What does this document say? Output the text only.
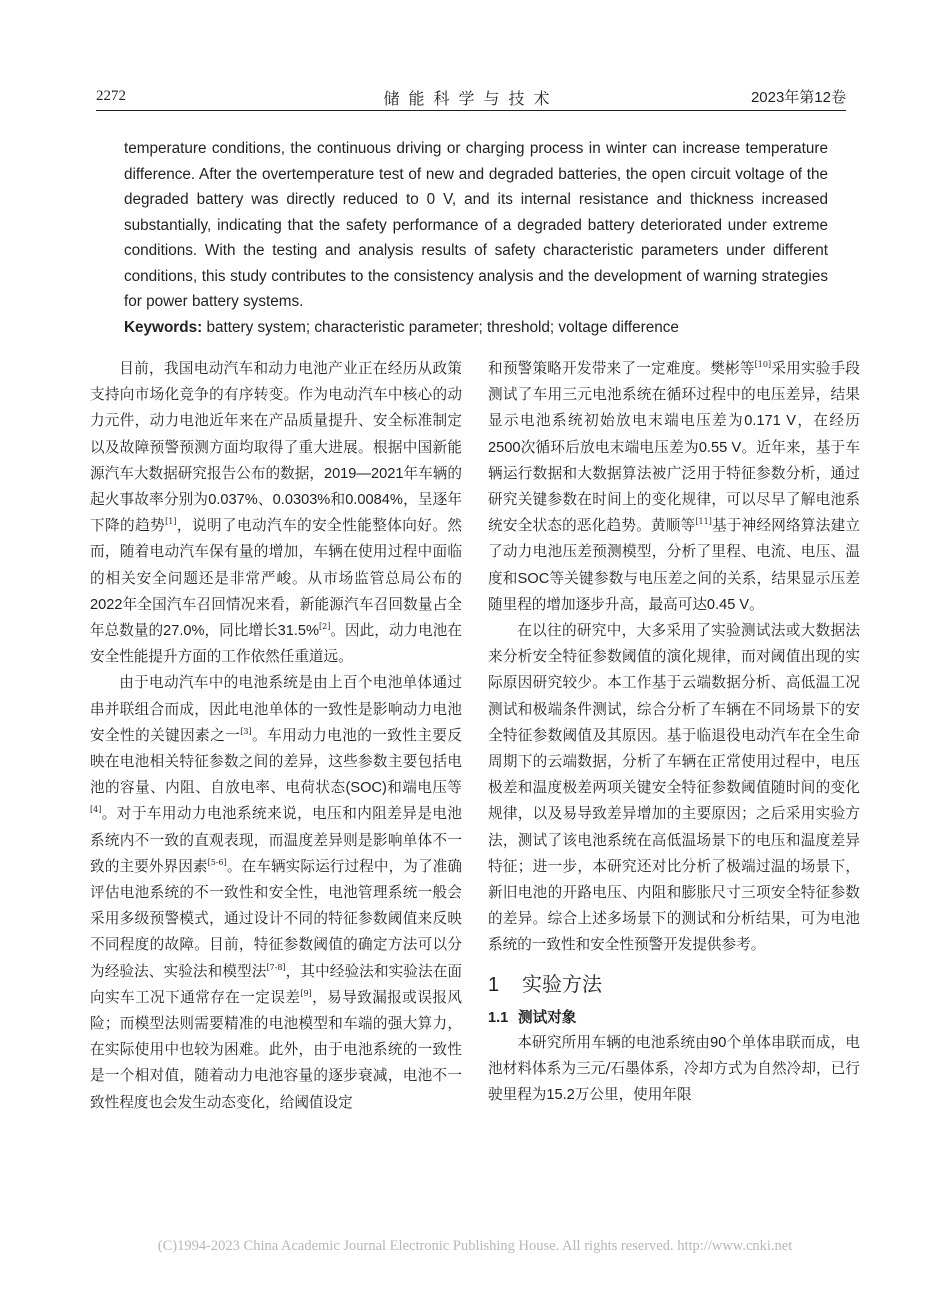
2272	储能科学与技术	2023年第12卷

temperature conditions, the continuous driving or charging process in winter can increase temperature difference. After the overtemperature test of new and degraded batteries, the open circuit voltage of the degraded battery was directly reduced to 0 V, and its internal resistance and thickness increased substantially, indicating that the safety performance of a degraded battery deteriorated under extreme conditions. With the testing and analysis results of safety characteristic parameters under different conditions, this study contributes to the consistency analysis and the development of warning strategies for power battery systems.

Keywords: battery system; characteristic parameter; threshold; voltage difference

目前，我国电动汽车和动力电池产业正在经历从政策支持向市场化竞争的有序转变。作为电动汽车中核心的动力元件，动力电池近年来在产品质量提升、安全标准制定以及故障预警预测方面均取得了重大进展。根据中国新能源汽车大数据研究报告公布的数据，2019—2021年车辆的起火事故率分别为0.037%、0.0303%和0.0084%，呈逐年下降的趋势[1]，说明了电动汽车的安全性能整体向好。然而，随着电动汽车保有量的增加，车辆在使用过程中面临的相关安全问题还是非常严峻。从市场监管总局公布的2022年全国汽车召回情况来看，新能源汽车召回数量占全年总数量的27.0%，同比增长31.5%[2]。因此，动力电池在安全性能提升方面的工作依然任重道远。

由于电动汽车中的电池系统是由上百个电池单体通过串并联组合而成，因此电池单体的一致性是影响动力电池安全性的关键因素之一[3]。车用动力电池的一致性主要反映在电池相关特征参数之间的差异，这些参数主要包括电池的容量、内阻、自放电率、电荷状态(SOC)和端电压等[4]。对于车用动力电池系统来说，电压和内阻差异是电池系统内不一致的直观表现，而温度差异则是影响单体不一致的主要外界因素[5-6]。在车辆实际运行过程中，为了准确评估电池系统的不一致性和安全性，电池管理系统一般会采用多级预警模式，通过设计不同的特征参数阈值来反映不同程度的故障。目前，特征参数阈值的确定方法可以分为经验法、实验法和模型法[7-8]，其中经验法和实验法在面向实车工况下通常存在一定误差[9]，易导致漏报或误报风险；而模型法则需要精准的电池模型和车端的强大算力，在实际使用中也较为困难。此外，由于电池系统的一致性是一个相对值，随着动力电池容量的逐步衰减，电池不一致性程度也会发生动态变化，给阈值设定

和预警策略开发带来了一定难度。樊彬等[10]采用实验手段测试了车用三元电池系统在循环过程中的电压差异，结果显示电池系统初始放电末端电压差为0.171 V，在经历2500次循环后放电末端电压差为0.55 V。近年来，基于车辆运行数据和大数据算法被广泛用于特征参数分析，通过研究关键参数在时间上的变化规律，可以尽早了解电池系统安全状态的恶化趋势。黄顺等[11]基于神经网络算法建立了动力电池压差预测模型，分析了里程、电流、电压、温度和SOC等关键参数与电压差之间的关系，结果显示压差随里程的增加逐步升高，最高可达0.45 V。

在以往的研究中，大多采用了实验测试法或大数据法来分析安全特征参数阈值的演化规律，而对阈值出现的实际原因研究较少。本工作基于云端数据分析、高低温工况测试和极端条件测试，综合分析了车辆在不同场景下的安全特征参数阈值及其原因。基于临退役电动汽车在全生命周期下的云端数据，分析了车辆在正常使用过程中，电压极差和温度极差两项关键安全特征参数阈值随时间的变化规律，以及易导致差异增加的主要原因；之后采用实验方法，测试了该电池系统在高低温场景下的电压和温度差异特征；进一步，本研究还对比分析了极端过温的场景下，新旧电池的开路电压、内阻和膨胀尺寸三项安全特征参数的差异。综合上述多场景下的测试和分析结果，可为电池系统的一致性和安全性预警开发提供参考。

1 实验方法
1.1 测试对象

本研究所用车辆的电池系统由90个单体串联而成，电池材料体系为三元/石墨体系，冷却方式为自然冷却，已行驶里程为15.2万公里，使用年限

(C)1994-2023 China Academic Journal Electronic Publishing House. All rights reserved. http://www.cnki.net
